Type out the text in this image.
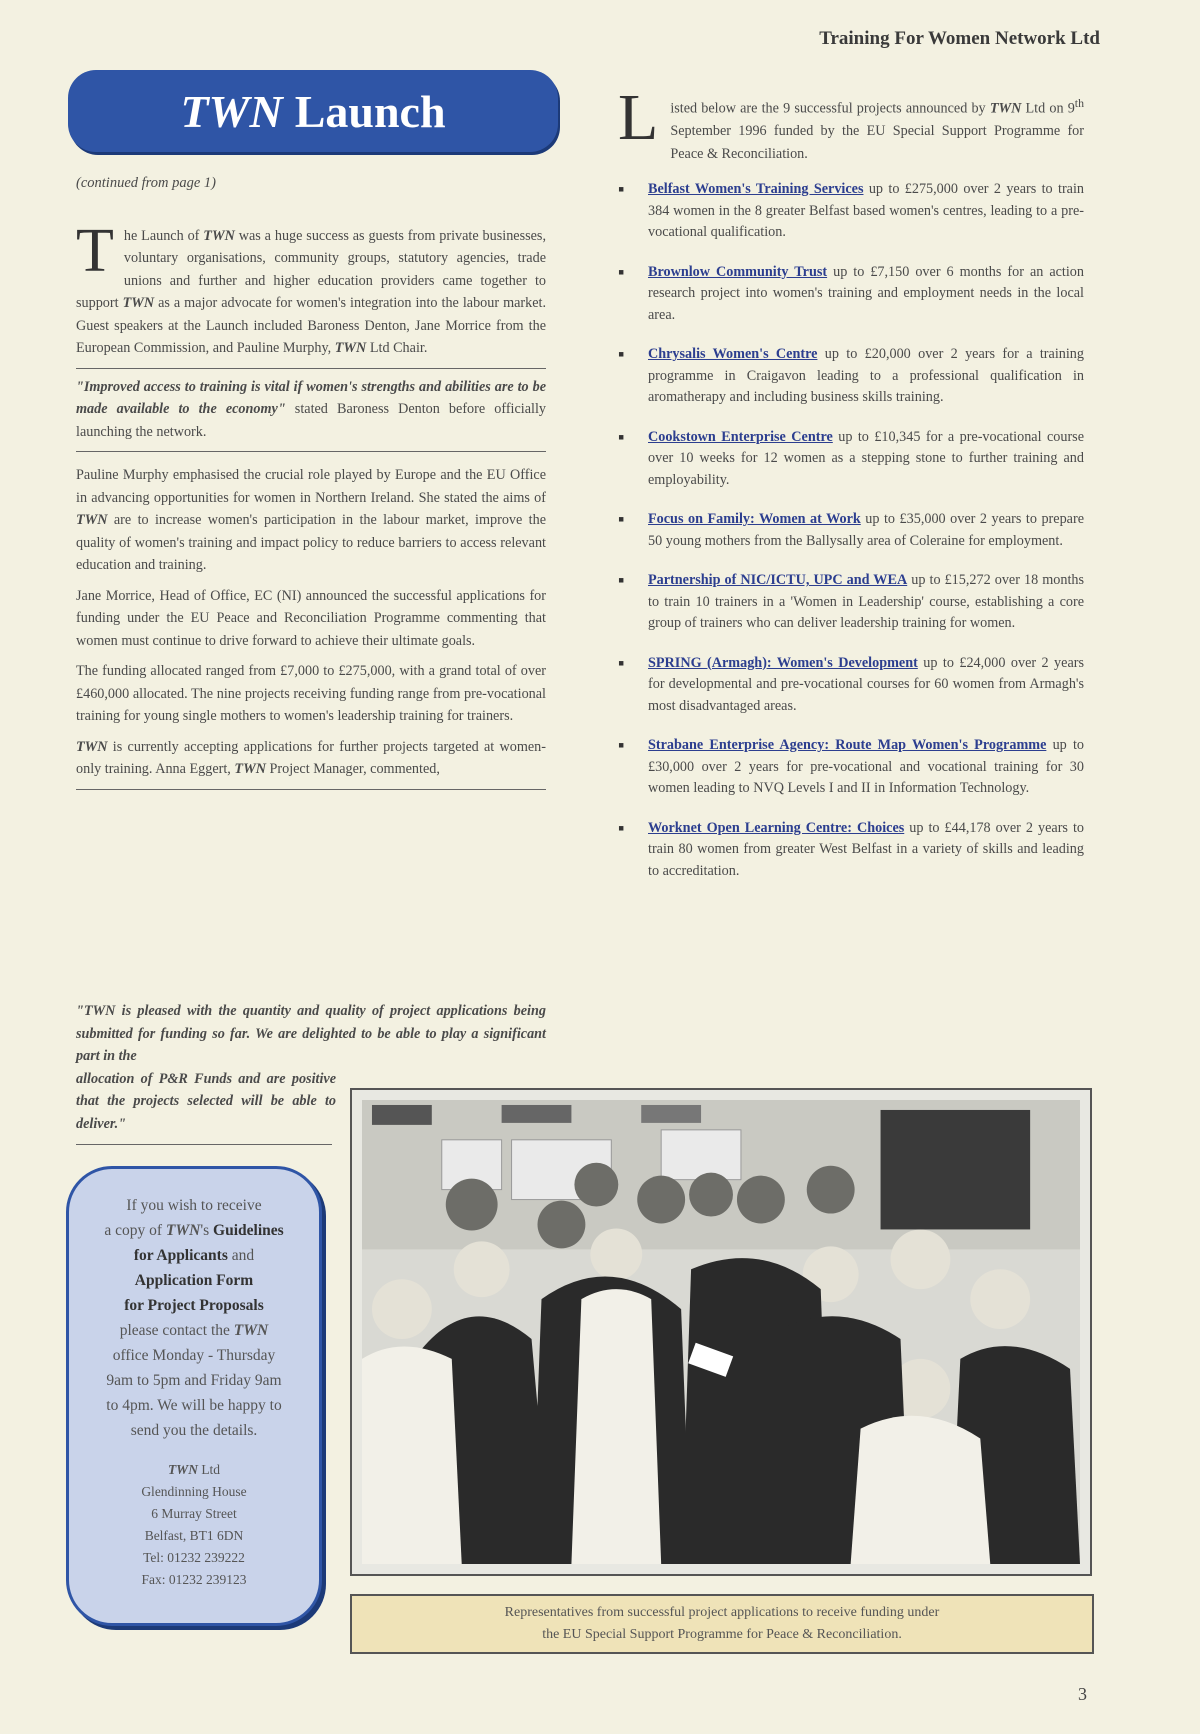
Training For Women Network Ltd
TWN Launch

(continued from page 1)

The Launch of TWN was a huge success as guests from private businesses, voluntary organisations, community groups, statutory agencies, trade unions and further and higher education providers came together to support TWN as a major advocate for women's integration into the labour market. Guest speakers at the Launch included Baroness Denton, Jane Morrice from the European Commission, and Pauline Murphy, TWN Ltd Chair.

"Improved access to training is vital if women's strengths and abilities are to be made available to the economy" stated Baroness Denton before officially launching the network.

Pauline Murphy emphasised the crucial role played by Europe and the EU Office in advancing opportunities for women in Northern Ireland. She stated the aims of TWN are to increase women's participation in the labour market, improve the quality of women's training and impact policy to reduce barriers to access relevant education and training.

Jane Morrice, Head of Office, EC (NI) announced the successful applications for funding under the EU Peace and Reconciliation Programme commenting that women must continue to drive forward to achieve their ultimate goals.

The funding allocated ranged from £7,000 to £275,000, with a grand total of over £460,000 allocated. The nine projects receiving funding range from pre-vocational training for young single mothers to women's leadership training for trainers.

TWN is currently accepting applications for further projects targeted at women-only training. Anna Eggert, TWN Project Manager, commented,

"TWN is pleased with the quantity and quality of project applications being submitted for funding so far. We are delighted to be able to play a significant part in the

allocation of P&R Funds and are positive that the projects selected will be able to deliver."

Listed below are the 9 successful projects announced by TWN Ltd on 9th September 1996 funded by the EU Special Support Programme for Peace & Reconciliation.

▪ Belfast Women's Training Services up to £275,000 over 2 years to train 384 women in the 8 greater Belfast based women's centres, leading to a pre-vocational qualification.
▪ Brownlow Community Trust up to £7,150 over 6 months for an action research project into women's training and employment needs in the local area.
▪ Chrysalis Women's Centre up to £20,000 over 2 years for a training programme in Craigavon leading to a professional qualification in aromatherapy and including business skills training.
▪ Cookstown Enterprise Centre up to £10,345 for a pre-vocational course over 10 weeks for 12 women as a stepping stone to further training and employability.
▪ Focus on Family: Women at Work up to £35,000 over 2 years to prepare 50 young mothers from the Ballysally area of Coleraine for employment.
▪ Partnership of NIC/ICTU, UPC and WEA up to £15,272 over 18 months to train 10 trainers in a 'Women in Leadership' course, establishing a core group of trainers who can deliver leadership training for women.
▪ SPRING (Armagh): Women's Development up to £24,000 over 2 years for developmental and pre-vocational courses for 60 women from Armagh's most disadvantaged areas.
▪ Strabane Enterprise Agency: Route Map Women's Programme up to £30,000 over 2 years for pre-vocational and vocational training for 30 women leading to NVQ Levels I and II in Information Technology.
▪ Worknet Open Learning Centre: Choices up to £44,178 over 2 years to train 80 women from greater West Belfast in a variety of skills and leading to accreditation.
If you wish to receive
a copy of TWN's Guidelines
for Applicants and
Application Form
for Project Proposals
please contact the TWN
office Monday - Thursday
9am to 5pm and Friday 9am
to 4pm. We will be happy to
send you the details.
TWN Ltd
Glendinning House
6 Murray Street
Belfast, BT1 6DN
Tel: 01232 239222
Fax: 01232 239123
Representatives from successful project applications to receive funding under
the EU Special Support Programme for Peace & Reconciliation.
3
